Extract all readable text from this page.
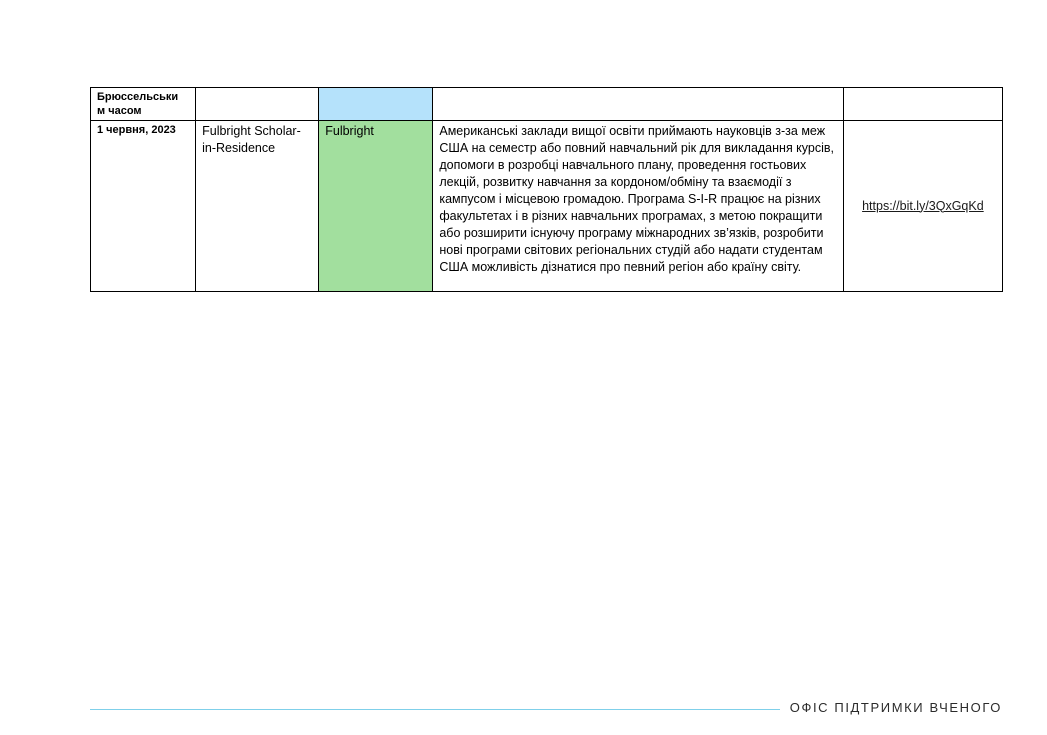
Брюссельськи м часом				
1 червня, 2023	Fulbright Scholar-in-Residence	Fulbright	Американські заклади вищої освіти приймають науковців з-за меж США на семестр або повний навчальний рік для викладання курсів, допомоги в розробці навчального плану, проведення гостьових лекцій, розвитку навчання за кордоном/обміну та взаємодії з кампусом і місцевою громадою. Програма S-I-R працює на різних факультетах і в різних навчальних програмах, з метою покращити або розширити існуючу програму міжнародних зв’язків, розробити нові програми світових регіональних студій або надати студентам США можливість дізнатися про певний регіон або країну світу.	https://bit.ly/3QxGqKd
ОФІС ПІДТРИМКИ ВЧЕНОГО
